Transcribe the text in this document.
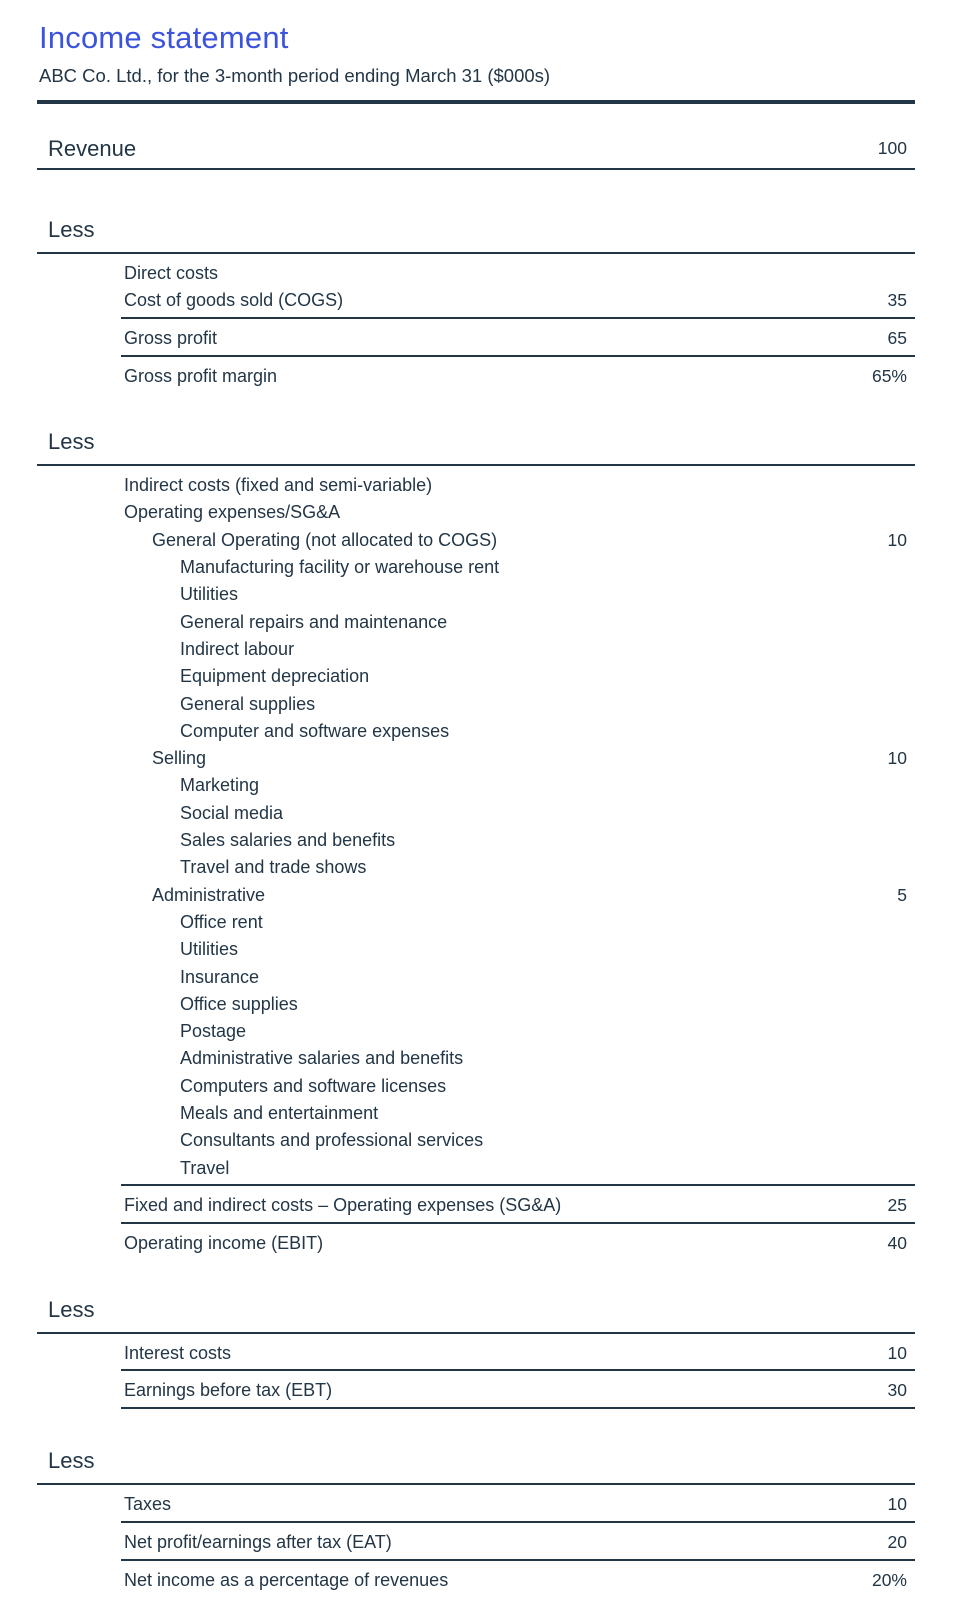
Income statement

ABC Co. Ltd., for the 3-month period ending March 31 ($000s)

Revenue	100
Less
Direct costs
Cost of goods sold (COGS)	35
Gross profit	65
Gross profit margin	65%
Less
Indirect costs (fixed and semi-variable)
Operating expenses/SG&A
General Operating (not allocated to COGS)	10
Manufacturing facility or warehouse rent
Utilities
General repairs and maintenance
Indirect labour
Equipment depreciation
General supplies
Computer and software expenses
Selling	10
Marketing
Social media
Sales salaries and benefits
Travel and trade shows
Administrative	5
Office rent
Utilities
Insurance
Office supplies
Postage
Administrative salaries and benefits
Computers and software licenses
Meals and entertainment
Consultants and professional services
Travel
Fixed and indirect costs – Operating expenses (SG&A)	25
Operating income (EBIT)	40
Less
Interest costs	10
Earnings before tax (EBT)	30
Less
Taxes	10
Net profit/earnings after tax (EAT)	20
Net income as a percentage of revenues	20%
